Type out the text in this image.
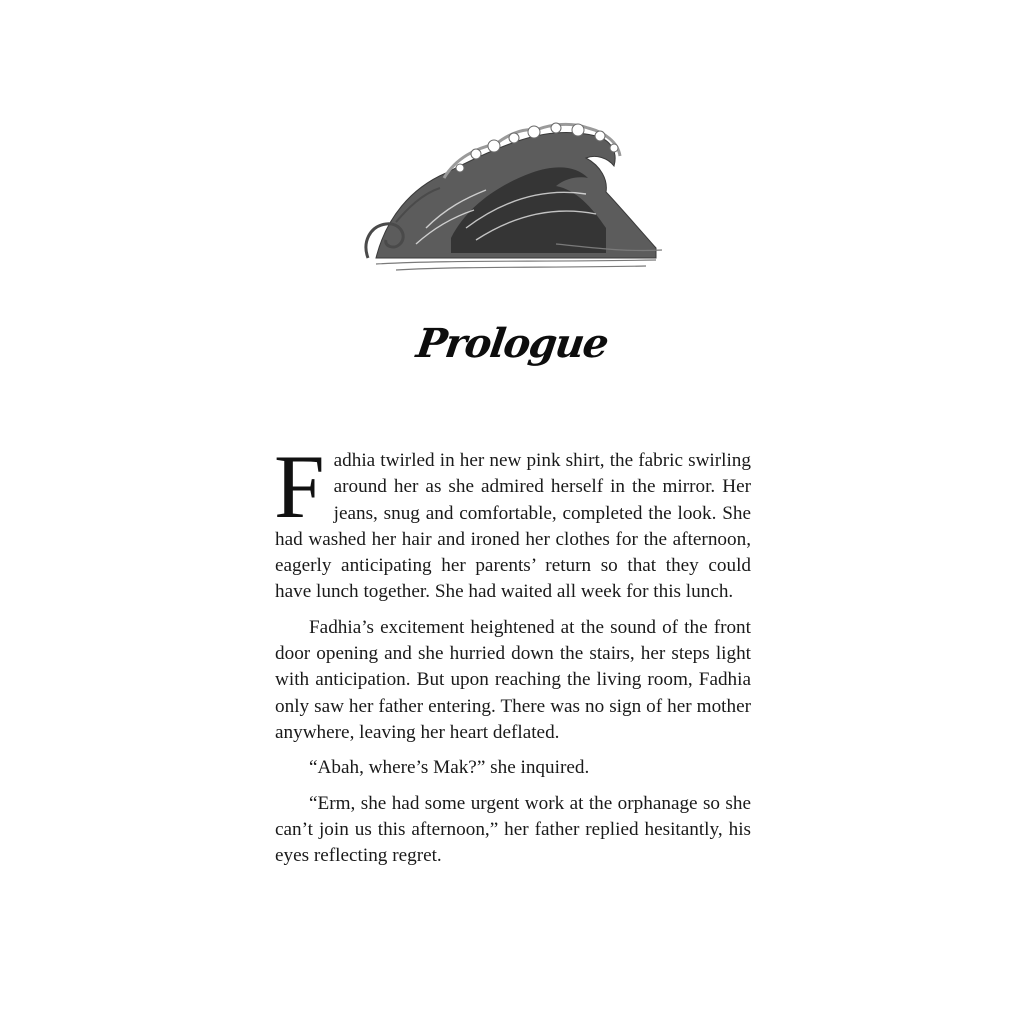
Prologue

Fadhia twirled in her new pink shirt, the fabric swirling around her as she admired herself in the mirror. Her jeans, snug and comfortable, completed the look. She had washed her hair and ironed her clothes for the afternoon, eagerly anticipating her parents’ return so that they could have lunch together. She had waited all week for this lunch.

Fadhia’s excitement heightened at the sound of the front door opening and she hurried down the stairs, her steps light with anticipation. But upon reaching the living room, Fadhia only saw her father entering. There was no sign of her mother anywhere, leaving her heart deflated.

“Abah, where’s Mak?” she inquired.

“Erm, she had some urgent work at the orphanage so she can’t join us this afternoon,” her father replied hesitantly, his eyes reflecting regret.
